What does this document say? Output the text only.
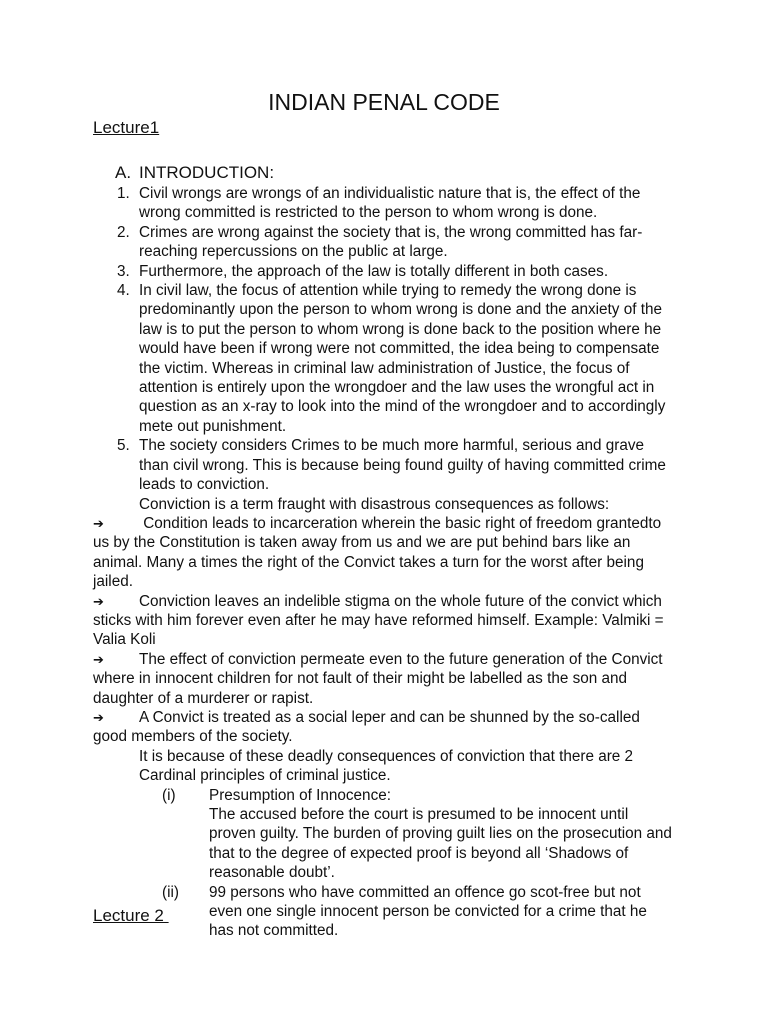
INDIAN PENAL CODE
Lecture1
A. INTRODUCTION:
1. Civil wrongs are wrongs of an individualistic nature that is, the effect of the wrong committed is restricted to the person to whom wrong is done.
2. Crimes are wrong against the society that is, the wrong committed has far-reaching repercussions on the public at large.
3. Furthermore, the approach of the law is totally different in both cases.
4. In civil law, the focus of attention while trying to remedy the wrong done is predominantly upon the person to whom wrong is done and the anxiety of the law is to put the person to whom wrong is done back to the position where he would have been if wrong were not committed, the idea being to compensate the victim. Whereas in criminal law administration of Justice, the focus of attention is entirely upon the wrongdoer and the law uses the wrongful act in question as an x-ray to look into the mind of the wrongdoer and to accordingly mete out punishment.
5. The society considers Crimes to be much more harmful, serious and grave than civil wrong. This is because being found guilty of having committed crime leads to conviction.
Conviction is a term fraught with disastrous consequences as follows:
➔ Condition leads to incarceration wherein the basic right of freedom grantedto us by the Constitution is taken away from us and we are put behind bars like an animal. Many a times the right of the Convict takes a turn for the worst after being jailed.
➔ Conviction leaves an indelible stigma on the whole future of the convict which sticks with him forever even after he may have reformed himself. Example: Valmiki = Valia Koli
➔ The effect of conviction permeate even to the future generation of the Convict where in innocent children for not fault of their might be labelled as the son and daughter of a murderer or rapist.
➔ A Convict is treated as a social leper and can be shunned by the so-called good members of the society.
It is because of these deadly consequences of conviction that there are 2 Cardinal principles of criminal justice.
(i)	Presumption of Innocence:
The accused before the court is presumed to be innocent until proven guilty. The burden of proving guilt lies on the prosecution and that to the degree of expected proof is beyond all ‘Shadows of reasonable doubt’.
(ii)	99 persons who have committed an offence go scot-free but not even one single innocent person be convicted for a crime that he has not committed.
Lecture 2
